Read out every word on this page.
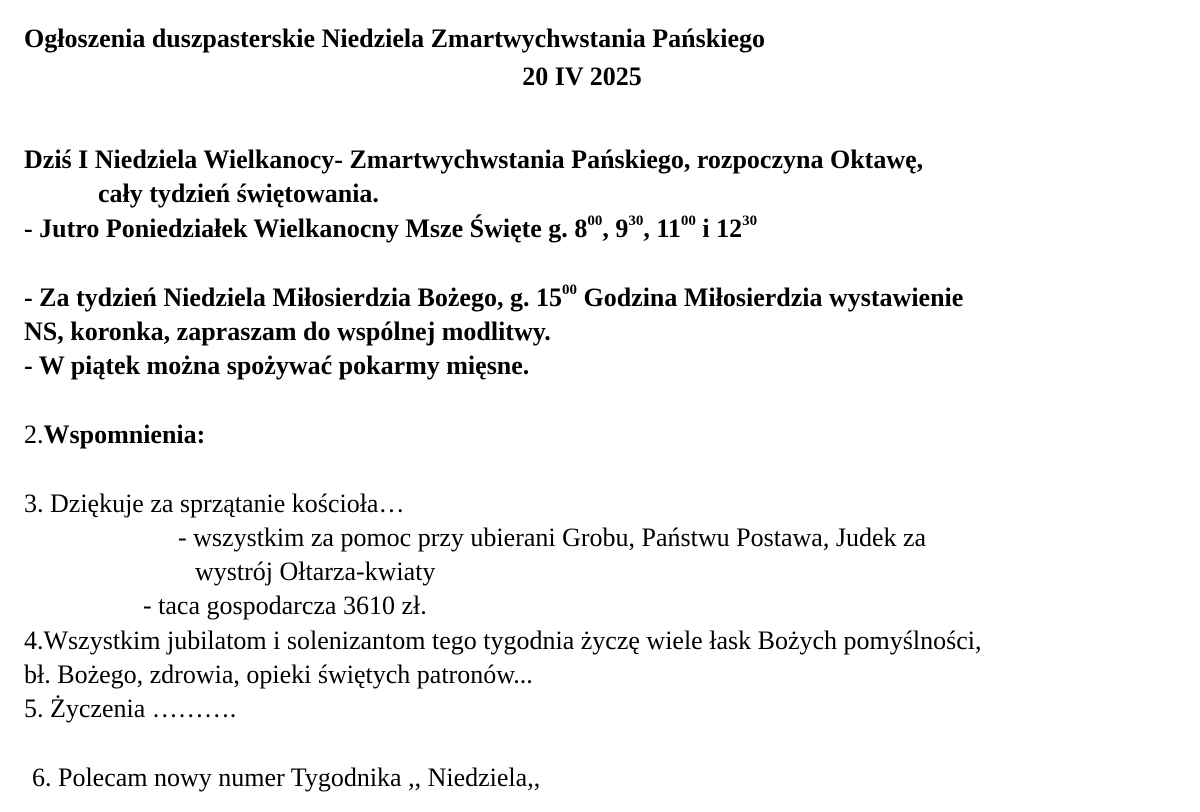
Ogłoszenia duszpasterskie Niedziela Zmartwychwstania Pańskiego
20 IV 2025
Dziś I Niedziela Wielkanocy- Zmartwychwstania Pańskiego, rozpoczyna Oktawę,
cały tydzień świętowania.
- Jutro Poniedziałek Wielkanocny Msze Święte g. $8^{00}$, $9^{30}$, $11^{00}$ i $12^{30}$
- Za tydzień Niedziela Miłosierdzia Bożego, g. $15^{00}$ Godzina Miłosierdzia wystawienie
NS, koronka, zapraszam do wspólnej modlitwy.
- W piątek można spożywać pokarmy mięsne.
2.Wspomnienia:
3. Dziękuje za sprzątanie kościoła…
- wszystkim za pomoc przy ubierani Grobu, Państwu Postawa, Judek za
wystrój Ołtarza-kwiaty
- taca gospodarcza 3610 zł.
4.Wszystkim jubilatom i solenizantom tego tygodnia życzę wiele łask Bożych pomyślności,
bł. Bożego, zdrowia, opieki świętych patronów...
5. Życzenia ……….
6. Polecam nowy numer Tygodnika ,, Niedziela,,
